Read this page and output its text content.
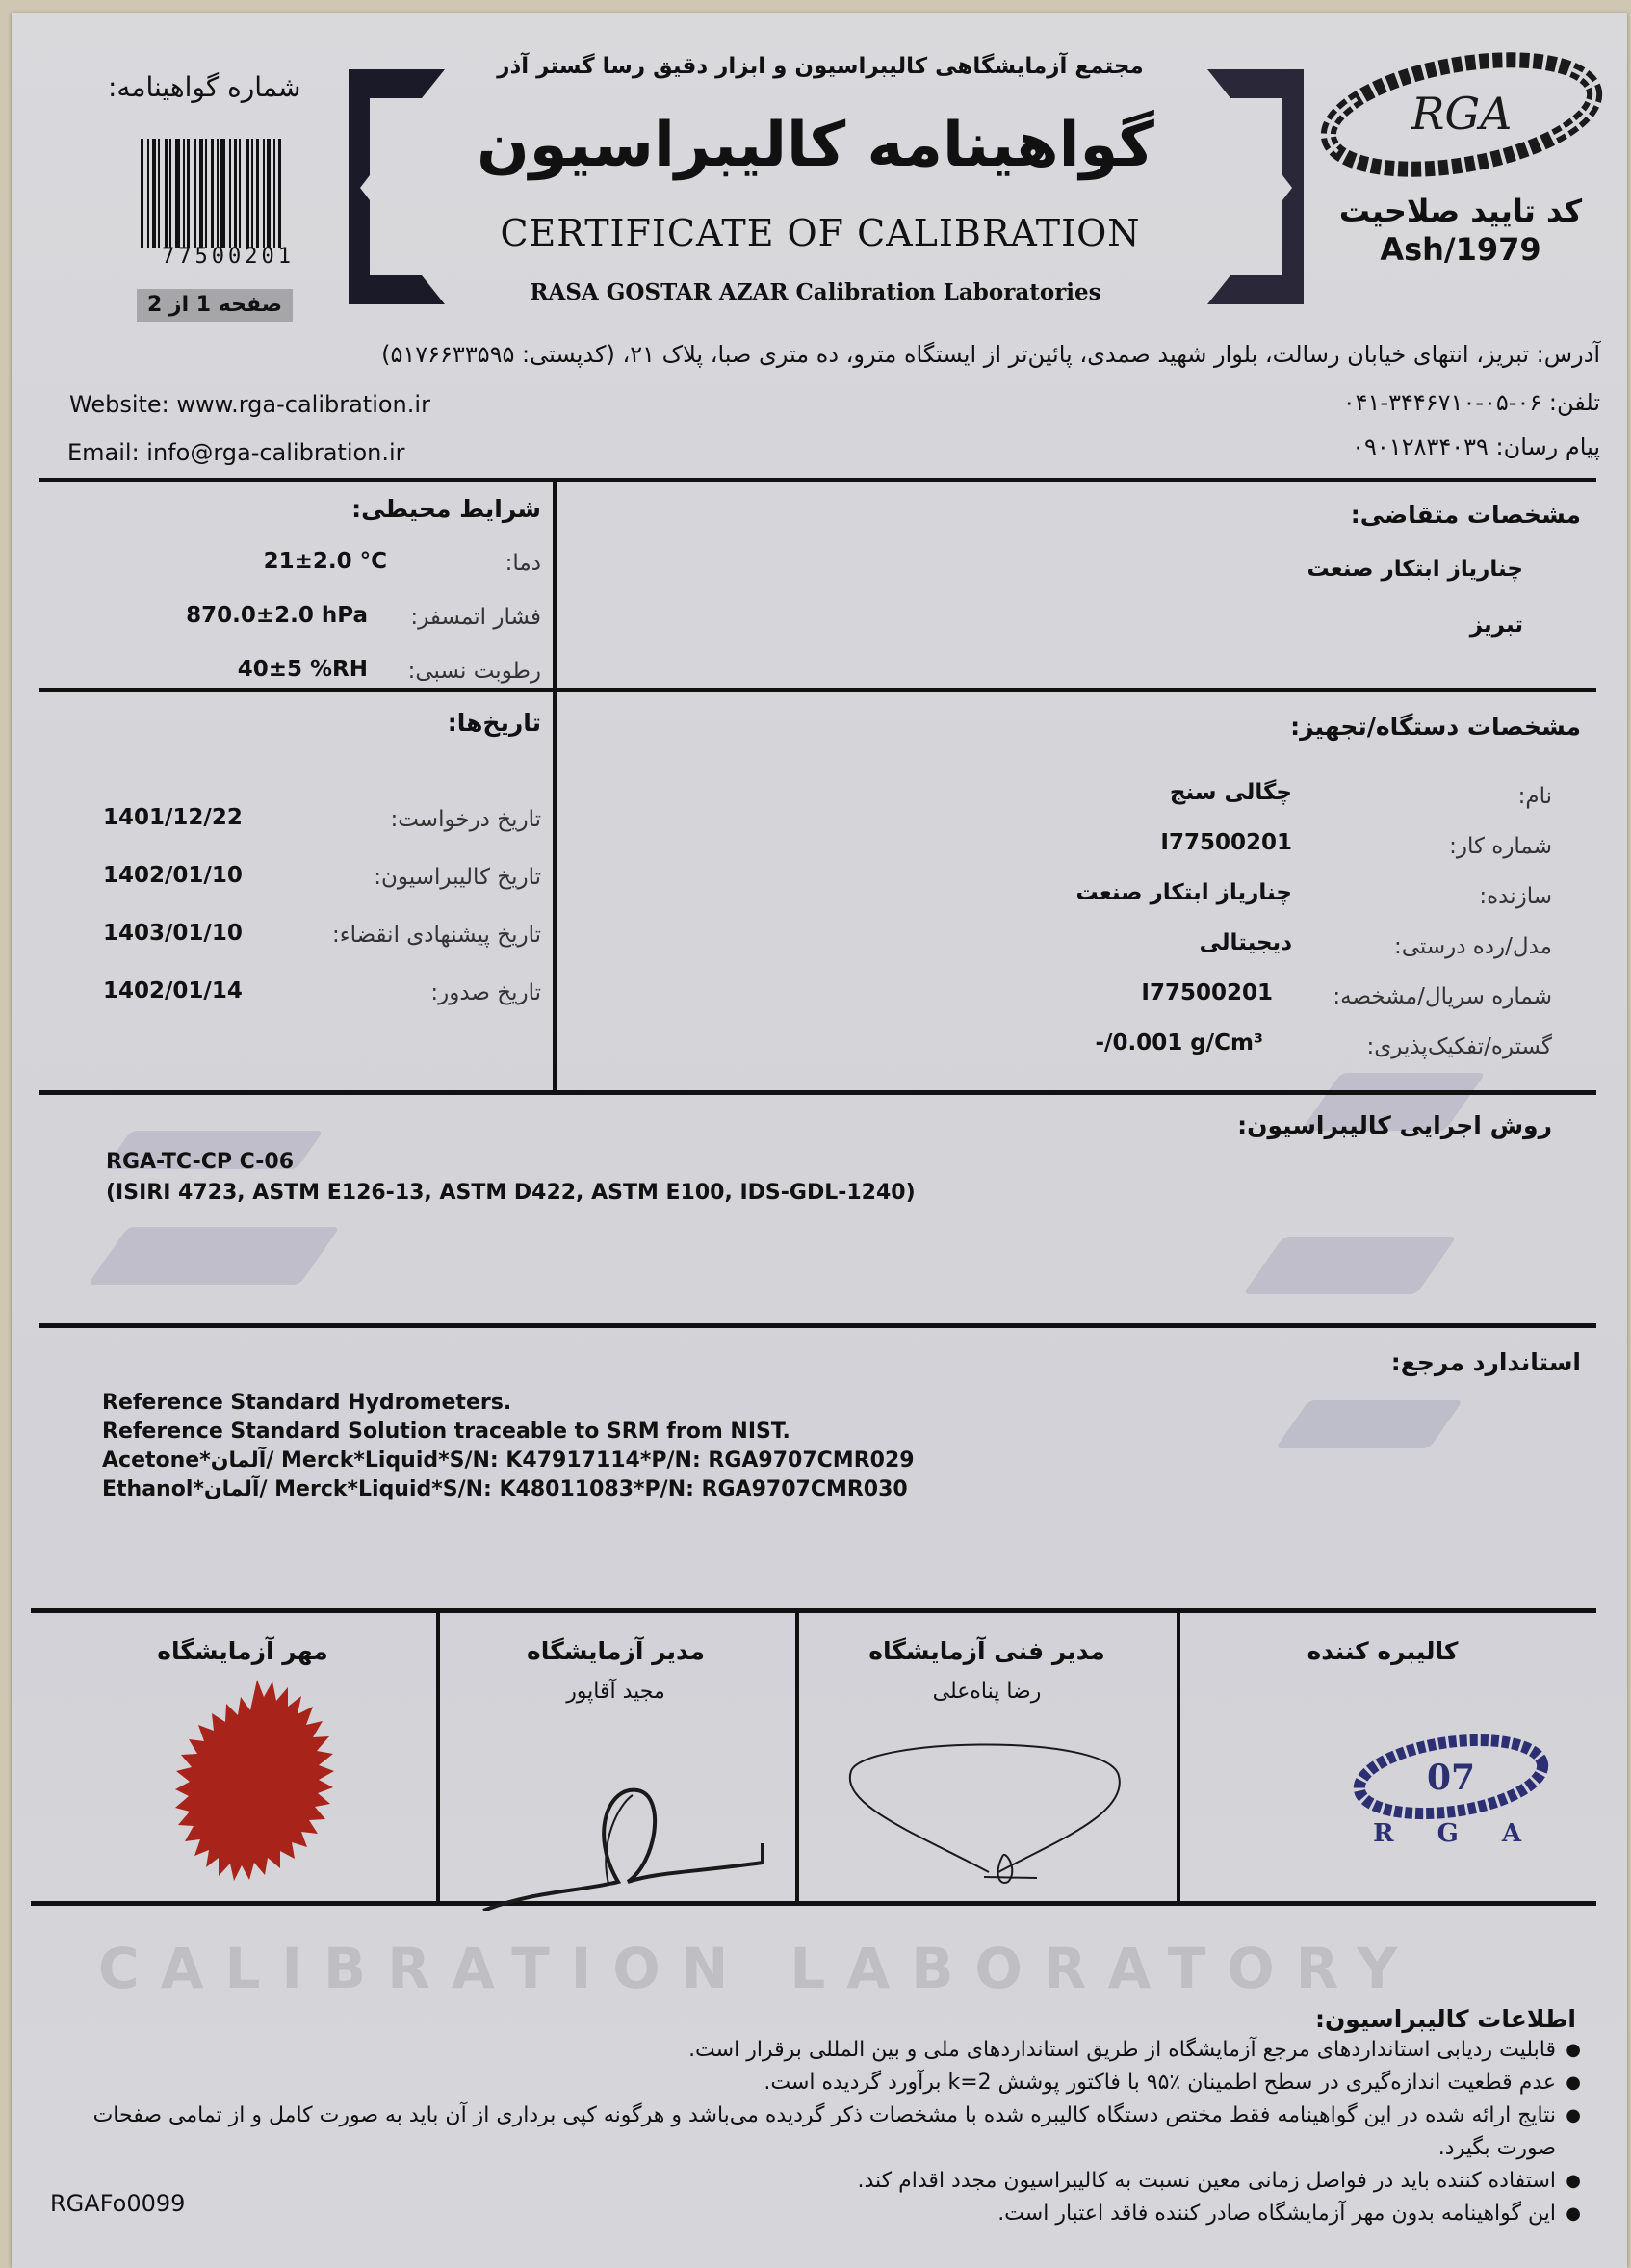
شماره گواهینامه:
77500201
صفحه 1 از 2
مجتمع آزمایشگاهی کالیبراسیون و ابزار دقیق رسا گستر آذر
گواهینامه کالیبراسیون
CERTIFICATE OF CALIBRATION
RASA GOSTAR AZAR Calibration Laboratories
RGA
کد تایید صلاحیت
Ash/1979
آدرس: تبریز، انتهای خیابان رسالت، بلوار شهید صمدی، پائین‌تر از ایستگاه مترو، ده متری صبا، پلاک ۲۱، (کدپستی: ۵۱۷۶۶۳۳۵۹۵)
تلفن: ۰۶-۰۵-۳۴۴۶۷۱۰-۰۴۱
پیام رسان: ۰۹۰۱۲۸۳۴۰۳۹
Website: www.rga-calibration.ir
Email: info@rga-calibration.ir
شرایط محیطی:
دما:
21±2.0 °C
فشار اتمسفر:
870.0±2.0 hPa
رطوبت نسبی:
40±5 %RH
مشخصات متقاضی:
چناریاز ابتکار صنعت
تبریز
تاریخ‌ها:
تاریخ درخواست:
1401/12/22
تاریخ کالیبراسیون:
1402/01/10
تاریخ پیشنهادی انقضاء:
1403/01/10
تاریخ صدور:
1402/01/14
مشخصات دستگاه/تجهیز:
نام:
چگالی سنج
شماره کار:
I77500201
سازنده:
چناریاز ابتکار صنعت
مدل/رده درستی:
دیجیتالی
شماره سریال/مشخصه:
I77500201
گستره/تفکیک‌پذیری:
-/0.001 g/Cm³
روش اجرایی کالیبراسیون:
RGA-TC-CP C-06
(ISIRI 4723, ASTM E126-13, ASTM D422, ASTM E100, IDS-GDL-1240)
استاندارد مرجع:
Reference Standard Hydrometers.
Reference Standard Solution traceable to SRM from NIST.
Acetone*آلمان/ Merck*Liquid*S/N: K47917114*P/N: RGA9707CMR029
Ethanol*آلمان/ Merck*Liquid*S/N: K48011083*P/N: RGA9707CMR030
کالیبره کننده
07
R G A
مدیر فنی آزمایشگاه
رضا پناه‌علی
مدیر آزمایشگاه
مجید آقاپور
مهر آزمایشگاه
CALIBRATION LABORATORY
اطلاعات کالیبراسیون:
● قابلیت ردیابی استانداردهای مرجع آزمایشگاه از طریق استانداردهای ملی و بین المللی برقرار است.
● عدم قطعیت اندازه‌گیری در سطح اطمینان ٪۹۵ با فاکتور پوشش k=2 برآورد گردیده است.
● نتایج ارائه شده در این گواهینامه فقط مختص دستگاه کالیبره شده با مشخصات ذکر گردیده می‌باشد و هرگونه کپی برداری از آن باید به صورت کامل و از تمامی صفحات صورت بگیرد.
● استفاده کننده باید در فواصل زمانی معین نسبت به کالیبراسیون مجدد اقدام کند.
● این گواهینامه بدون مهر آزمایشگاه صادر کننده فاقد اعتبار است.
RGAFo0099
